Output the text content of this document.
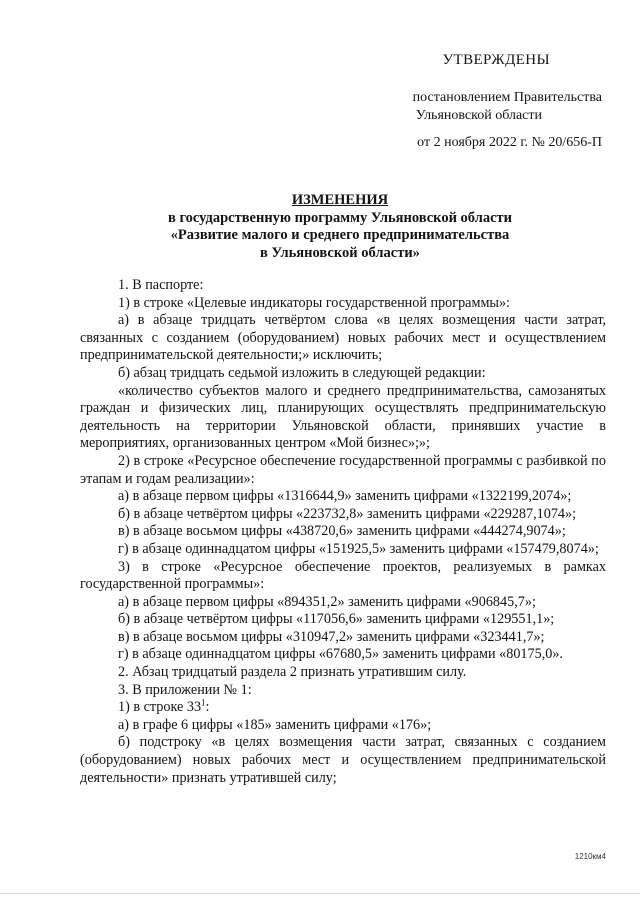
УТВЕРЖДЕНЫ
постановлением Правительства
Ульяновской области
от 2 ноября 2022 г. № 20/656-П
ИЗМЕНЕНИЯ
в государственную программу Ульяновской области
«Развитие малого и среднего предпринимательства
в Ульяновской области»

1. В паспорте:

1) в строке «Целевые индикаторы государственной программы»:

а) в абзаце тридцать четвёртом слова «в целях возмещения части затрат, связанных с созданием (оборудованием) новых рабочих мест и осуществлением предпринимательской деятельности;» исключить;

б) абзац тридцать седьмой изложить в следующей редакции:

«количество субъектов малого и среднего предпринимательства, самозанятых граждан и физических лиц, планирующих осуществлять предпринимательскую деятельность на территории Ульяновской области, принявших участие в мероприятиях, организованных центром «Мой бизнес»;»;

2) в строке «Ресурсное обеспечение государственной программы с разбивкой по этапам и годам реализации»:

а) в абзаце первом цифры «1316644,9» заменить цифрами «1322199,2074»;

б) в абзаце четвёртом цифры «223732,8» заменить цифрами «229287,1074»;

в) в абзаце восьмом цифры «438720,6» заменить цифрами «444274,9074»;

г) в абзаце одиннадцатом цифры «151925,5» заменить цифрами «157479,8074»;

3) в строке «Ресурсное обеспечение проектов, реализуемых в рамках государственной программы»:

а) в абзаце первом цифры «894351,2» заменить цифрами «906845,7»;

б) в абзаце четвёртом цифры «117056,6» заменить цифрами «129551,1»;

в) в абзаце восьмом цифры «310947,2» заменить цифрами «323441,7»;

г) в абзаце одиннадцатом цифры «67680,5» заменить цифрами «80175,0».

2. Абзац тридцатый раздела 2 признать утратившим силу.

3. В приложении № 1:

1) в строке $33^1$:

а) в графе 6 цифры «185» заменить цифрами «176»;

б) подстроку «в целях возмещения части затрат, связанных с созданием (оборудованием) новых рабочих мест и осуществлением предпринимательской деятельности» признать утратившей силу;

1210км4
